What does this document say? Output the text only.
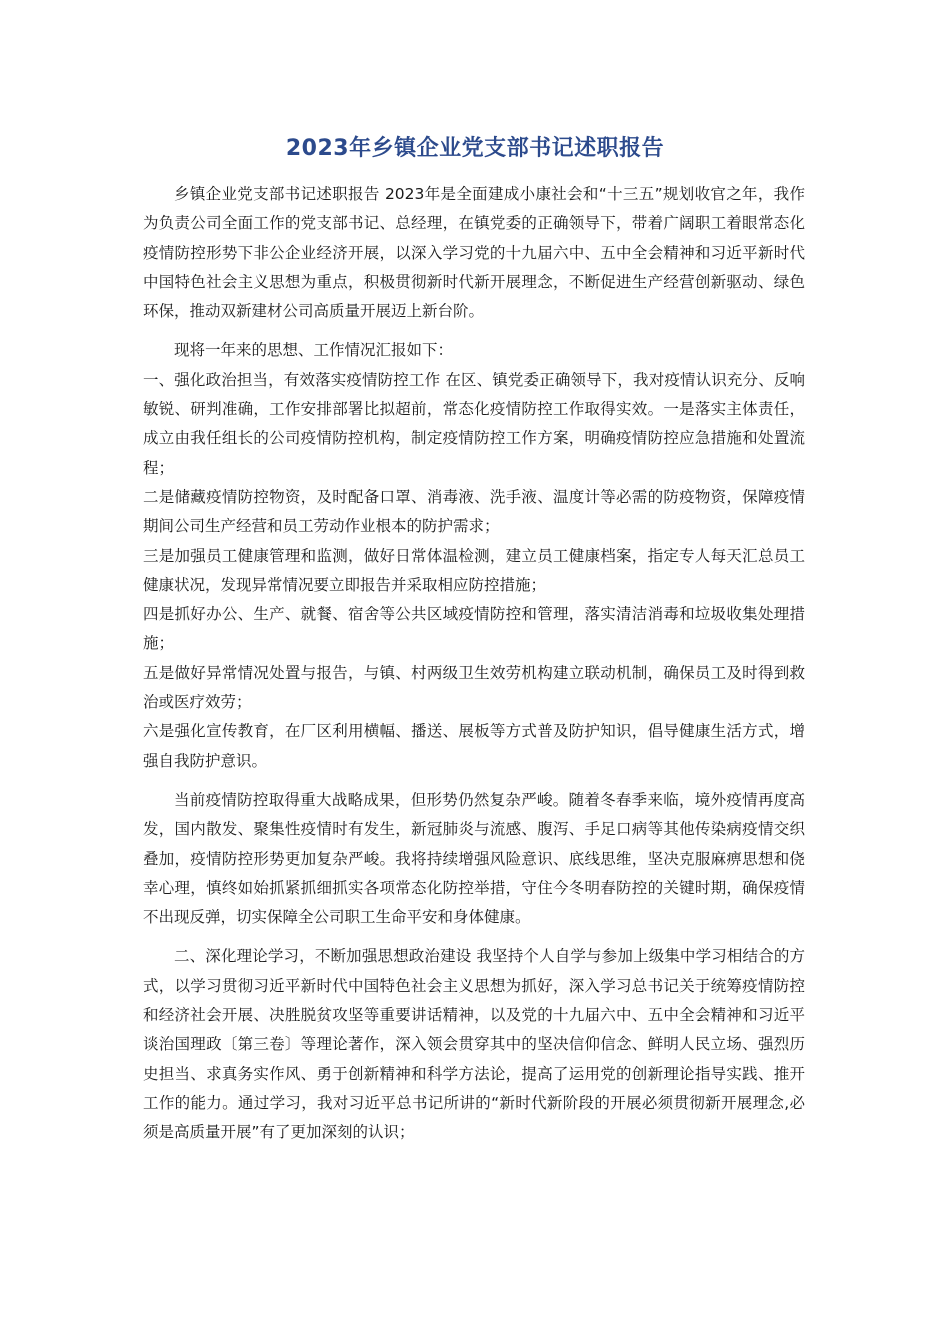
2023年乡镇企业党支部书记述职报告

乡镇企业党支部书记述职报告 2023年是全面建成小康社会和“十三五”规划收官之年，我作为负责公司全面工作的党支部书记、总经理，在镇党委的正确领导下，带着广阔职工着眼常态化疫情防控形势下非公企业经济开展，以深入学习党的十九届六中、五中全会精神和习近平新时代中国特色社会主义思想为重点，积极贯彻新时代新开展理念，不断促进生产经营创新驱动、绿色环保，推动双新建材公司高质量开展迈上新台阶。

现将一年来的思想、工作情况汇报如下：

一、强化政治担当，有效落实疫情防控工作 在区、镇党委正确领导下，我对疫情认识充分、反响敏锐、研判准确，工作安排部署比拟超前，常态化疫情防控工作取得实效。一是落实主体责任，成立由我任组长的公司疫情防控机构，制定疫情防控工作方案，明确疫情防控应急措施和处置流程；

二是储藏疫情防控物资，及时配备口罩、消毒液、洗手液、温度计等必需的防疫物资，保障疫情期间公司生产经营和员工劳动作业根本的防护需求；

三是加强员工健康管理和监测，做好日常体温检测，建立员工健康档案，指定专人每天汇总员工健康状况，发现异常情况要立即报告并采取相应防控措施；

四是抓好办公、生产、就餐、宿舍等公共区域疫情防控和管理，落实清洁消毒和垃圾收集处理措施；

五是做好异常情况处置与报告，与镇、村两级卫生效劳机构建立联动机制，确保员工及时得到救治或医疗效劳；

六是强化宣传教育，在厂区利用横幅、播送、展板等方式普及防护知识，倡导健康生活方式，增强自我防护意识。

当前疫情防控取得重大战略成果，但形势仍然复杂严峻。随着冬春季来临，境外疫情再度高发，国内散发、聚集性疫情时有发生，新冠肺炎与流感、腹泻、手足口病等其他传染病疫情交织叠加，疫情防控形势更加复杂严峻。我将持续增强风险意识、底线思维，坚决克服麻痹思想和侥幸心理，慎终如始抓紧抓细抓实各项常态化防控举措，守住今冬明春防控的关键时期，确保疫情不出现反弹，切实保障全公司职工生命平安和身体健康。

二、深化理论学习，不断加强思想政治建设 我坚持个人自学与参加上级集中学习相结合的方式，以学习贯彻习近平新时代中国特色社会主义思想为抓好，深入学习总书记关于统筹疫情防控和经济社会开展、决胜脱贫攻坚等重要讲话精神，以及党的十九届六中、五中全会精神和习近平谈治国理政〔第三卷〕等理论著作，深入领会贯穿其中的坚决信仰信念、鲜明人民立场、强烈历史担当、求真务实作风、勇于创新精神和科学方法论，提高了运用党的创新理论指导实践、推开工作的能力。通过学习，我对习近平总书记所讲的“新时代新阶段的开展必须贯彻新开展理念,必须是高质量开展”有了更加深刻的认识；
